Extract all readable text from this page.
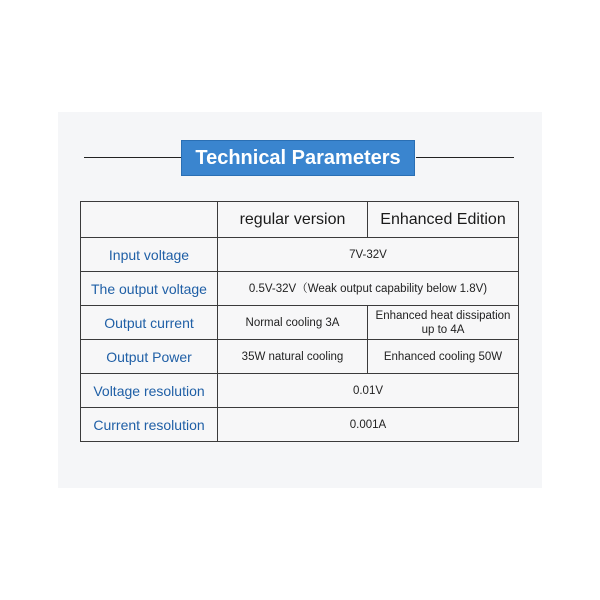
Technical Parameters
	regular version	Enhanced Edition
Input voltage	7V-32V	
The output voltage	0.5V-32V（Weak output capability below 1.8V)	
Output current	Normal cooling 3A	Enhanced heat dissipation up to 4A
Output Power	35W natural cooling	Enhanced cooling 50W
Voltage resolution	0.01V	
Current resolution	0.001A	
